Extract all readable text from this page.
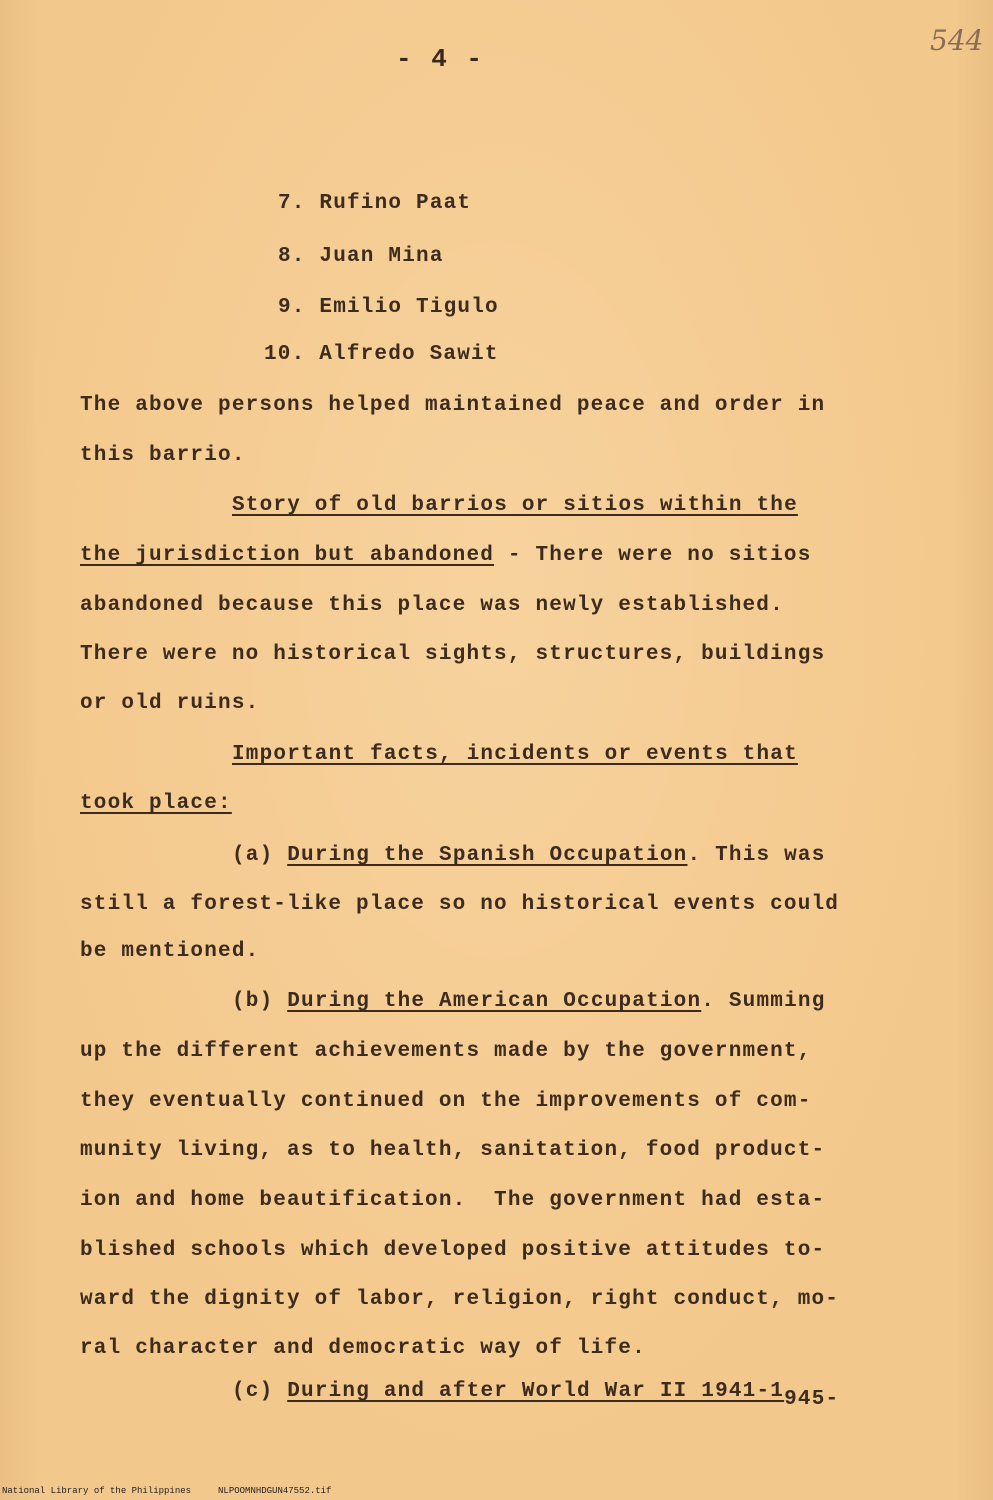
- 4 -
544
7. Rufino Paat
8. Juan Mina
9. Emilio Tigulo
10. Alfredo Sawit
The above persons helped maintained peace and order in
this barrio.
Story of old barrios or sitios within the
the jurisdiction but abandoned - There were no sitios
abandoned because this place was newly established.
There were no historical sights, structures, buildings
or old ruins.
Important facts, incidents or events that
took place:
(a) During the Spanish Occupation. This was
still a forest-like place so no historical events could
be mentioned.
(b) During the American Occupation. Summing
up the different achievements made by the government,
they eventually continued on the improvements of com-
munity living, as to health, sanitation, food product-
ion and home beautification.  The government had esta-
blished schools which developed positive attitudes to-
ward the dignity of labor, religion, right conduct, mo-
ral character and democratic way of life.
(c) During and after World War II 1941-1945-
National Library of the Philippines     NLPOOMNHDGUN47552.tif
